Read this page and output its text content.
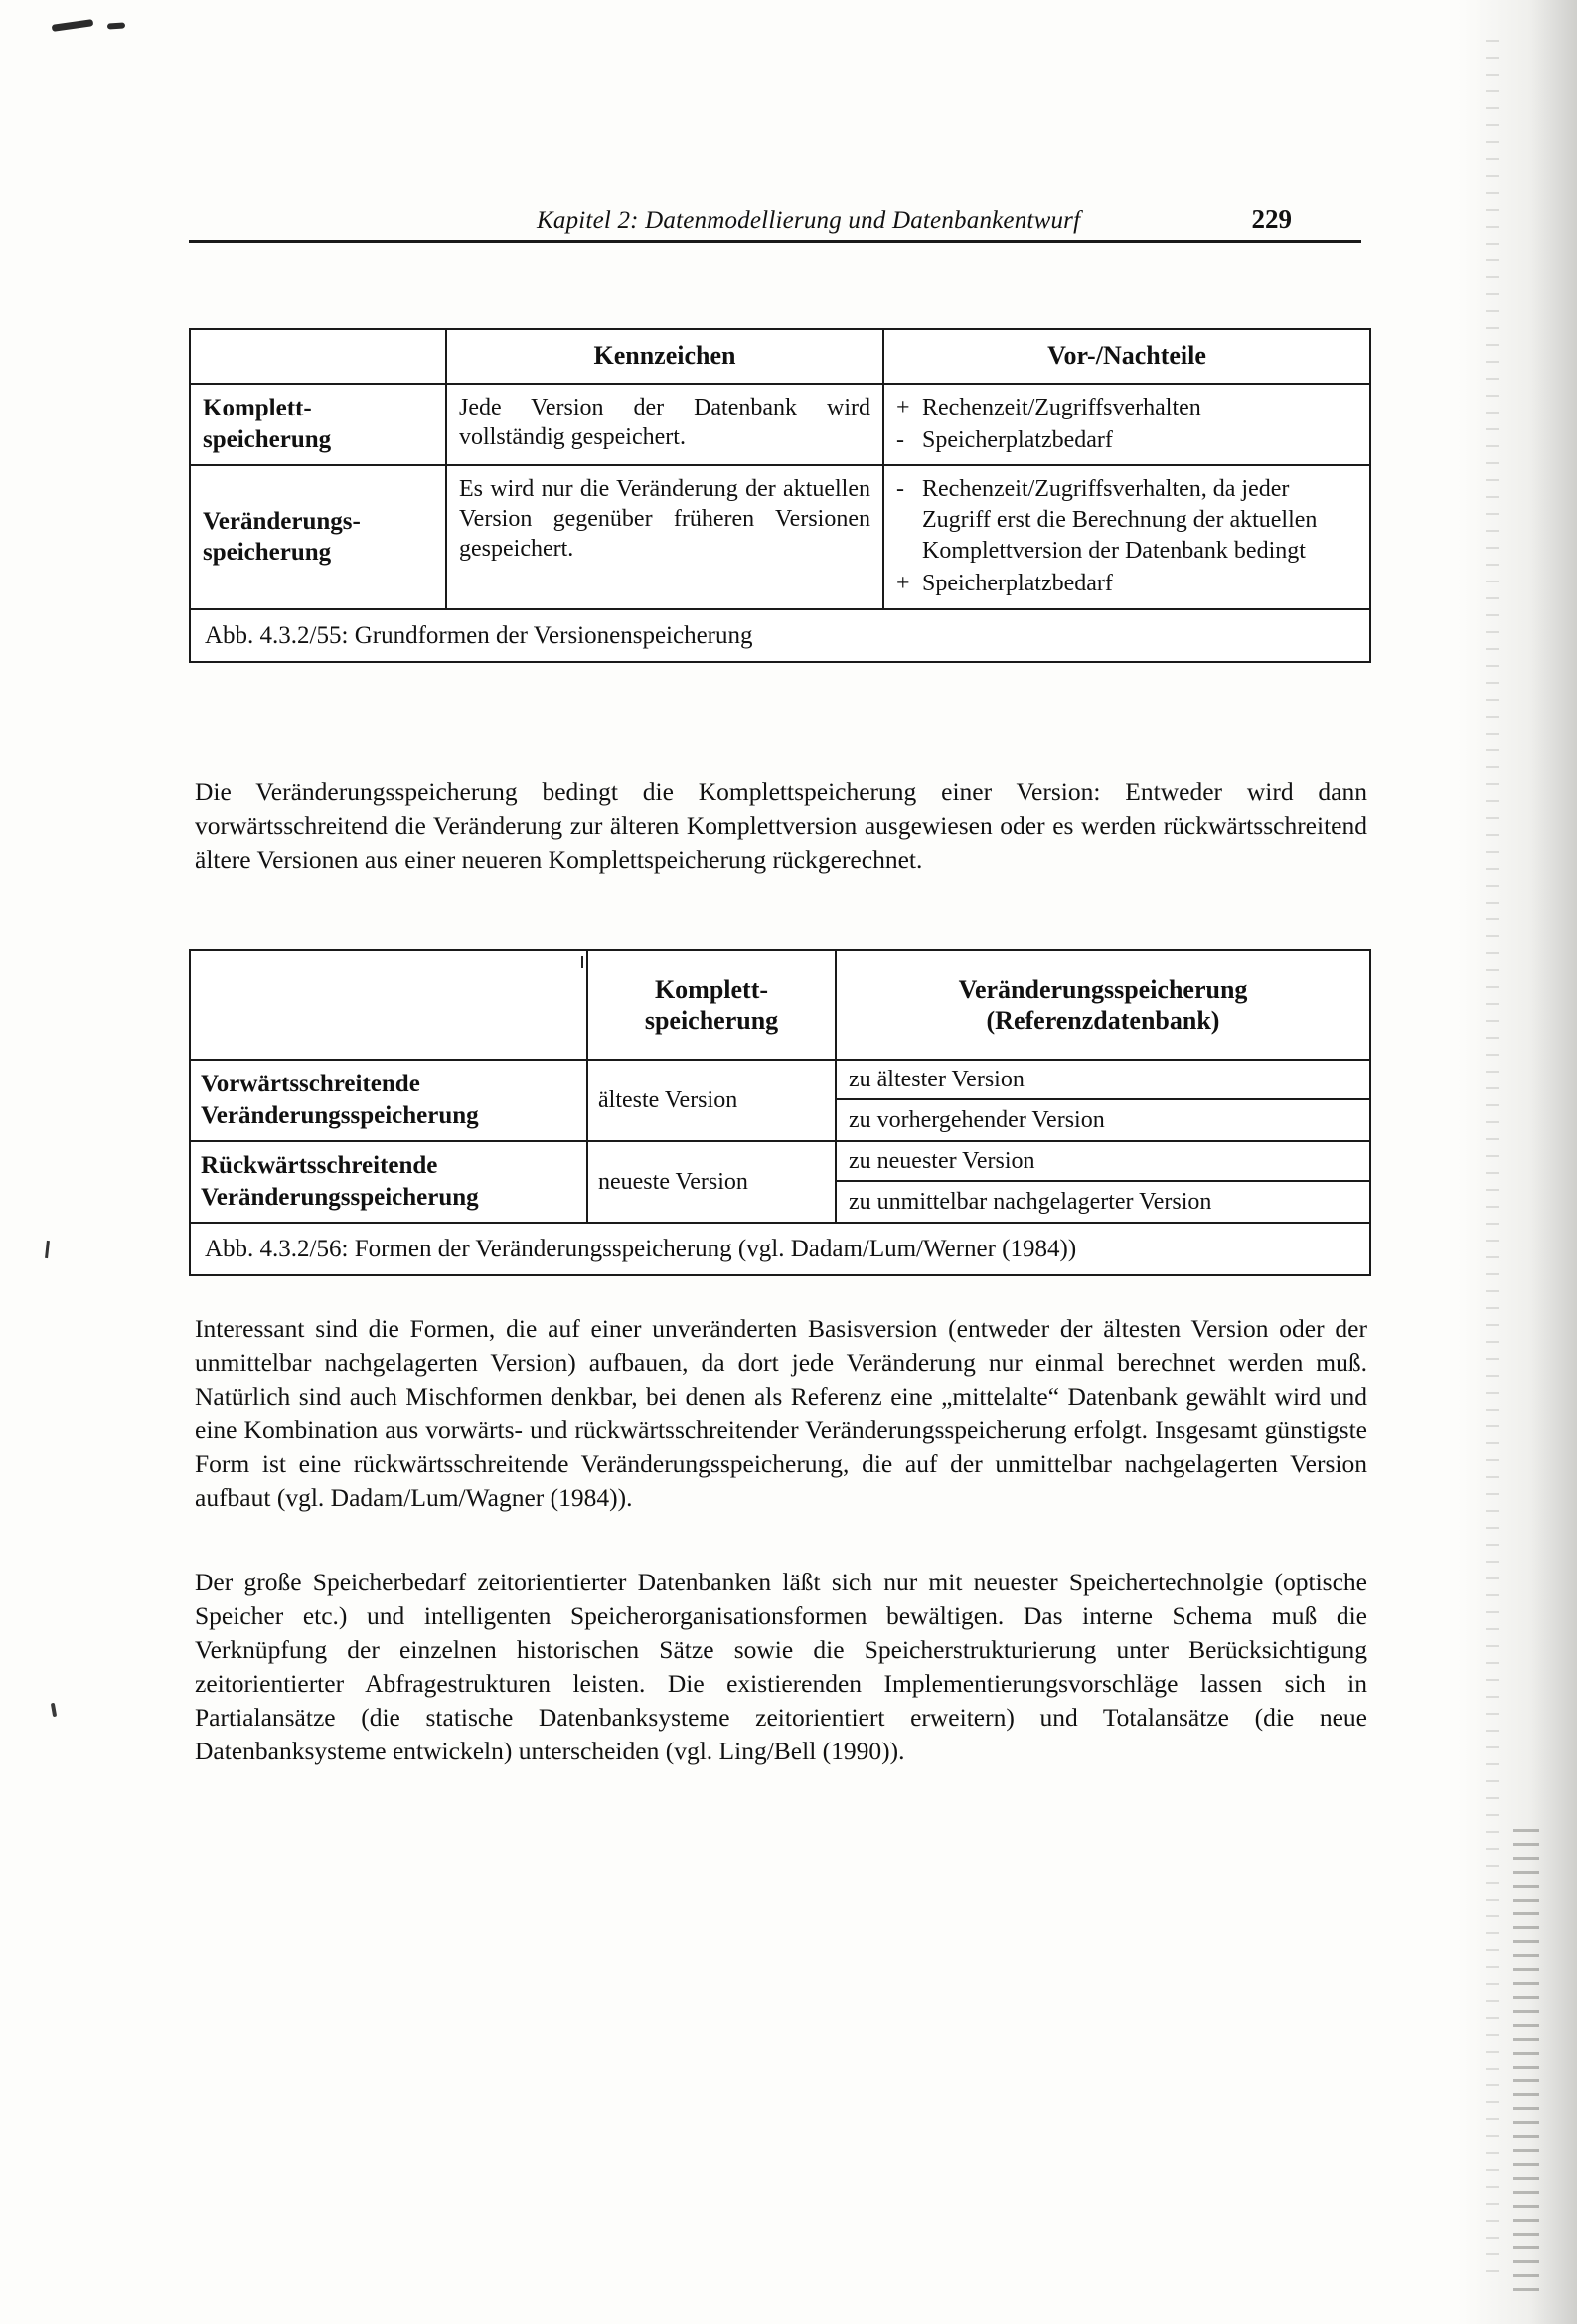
Kapitel 2: Datenmodellierung und Datenbankentwurf	229
Kennzeichen	Vor-/Nachteile
Komplett-
speicherung
Jede Version der Datenbank wird vollständig gespeichert.
+ Rechenzeit/Zugriffsverhalten
- Speicherplatzbedarf
Veränderungs-
speicherung
Es wird nur die Veränderung der aktuellen Version gegenüber früheren Versionen gespeichert.
- Rechenzeit/Zugriffsverhalten, da jeder Zugriff erst die Berechnung der aktuellen Komplettversion der Datenbank bedingt
+ Speicherplatzbedarf
Abb. 4.3.2/55: Grundformen der Versionenspeicherung
Die Veränderungsspeicherung bedingt die Komplettspeicherung einer Version: Entweder wird dann vorwärtsschreitend die Veränderung zur älteren Komplettversion ausgewiesen oder es werden rückwärtsschreitend ältere Versionen aus einer neueren Komplettspeicherung rückgerechnet.
Komplett-
speicherung
Veränderungsspeicherung
(Referenzdatenbank)
Vorwärtsschreitende
Veränderungsspeicherung
älteste Version
zu ältester Version
zu vorhergehender Version
Rückwärtsschreitende
Veränderungsspeicherung
neueste Version
zu neuester Version
zu unmittelbar nachgelagerter Version
Abb. 4.3.2/56: Formen der Veränderungsspeicherung (vgl. Dadam/Lum/Werner (1984))
Interessant sind die Formen, die auf einer unveränderten Basisversion (entweder der ältesten Version oder der unmittelbar nachgelagerten Version) aufbauen, da dort jede Veränderung nur einmal berechnet werden muß. Natürlich sind auch Mischformen denkbar, bei denen als Referenz eine „mittelalte“ Datenbank gewählt wird und eine Kombination aus vorwärts- und rückwärtsschreitender Veränderungsspeicherung erfolgt. Insgesamt günstigste Form ist eine rückwärtsschreitende Veränderungsspeicherung, die auf der unmittelbar nachgelagerten Version aufbaut (vgl. Dadam/Lum/Wagner (1984)).
Der große Speicherbedarf zeitorientierter Datenbanken läßt sich nur mit neuester Speichertechnolgie (optische Speicher etc.) und intelligenten Speicherorganisationsformen bewältigen. Das interne Schema muß die Verknüpfung der einzelnen historischen Sätze sowie die Speicherstrukturierung unter Berücksichtigung zeitorientierter Abfragestrukturen leisten. Die existierenden Implementierungsvorschläge lassen sich in Partialansätze (die statische Datenbanksysteme zeitorientiert erweitern) und Totalansätze (die neue Datenbanksysteme entwickeln) unterscheiden (vgl. Ling/Bell (1990)).
